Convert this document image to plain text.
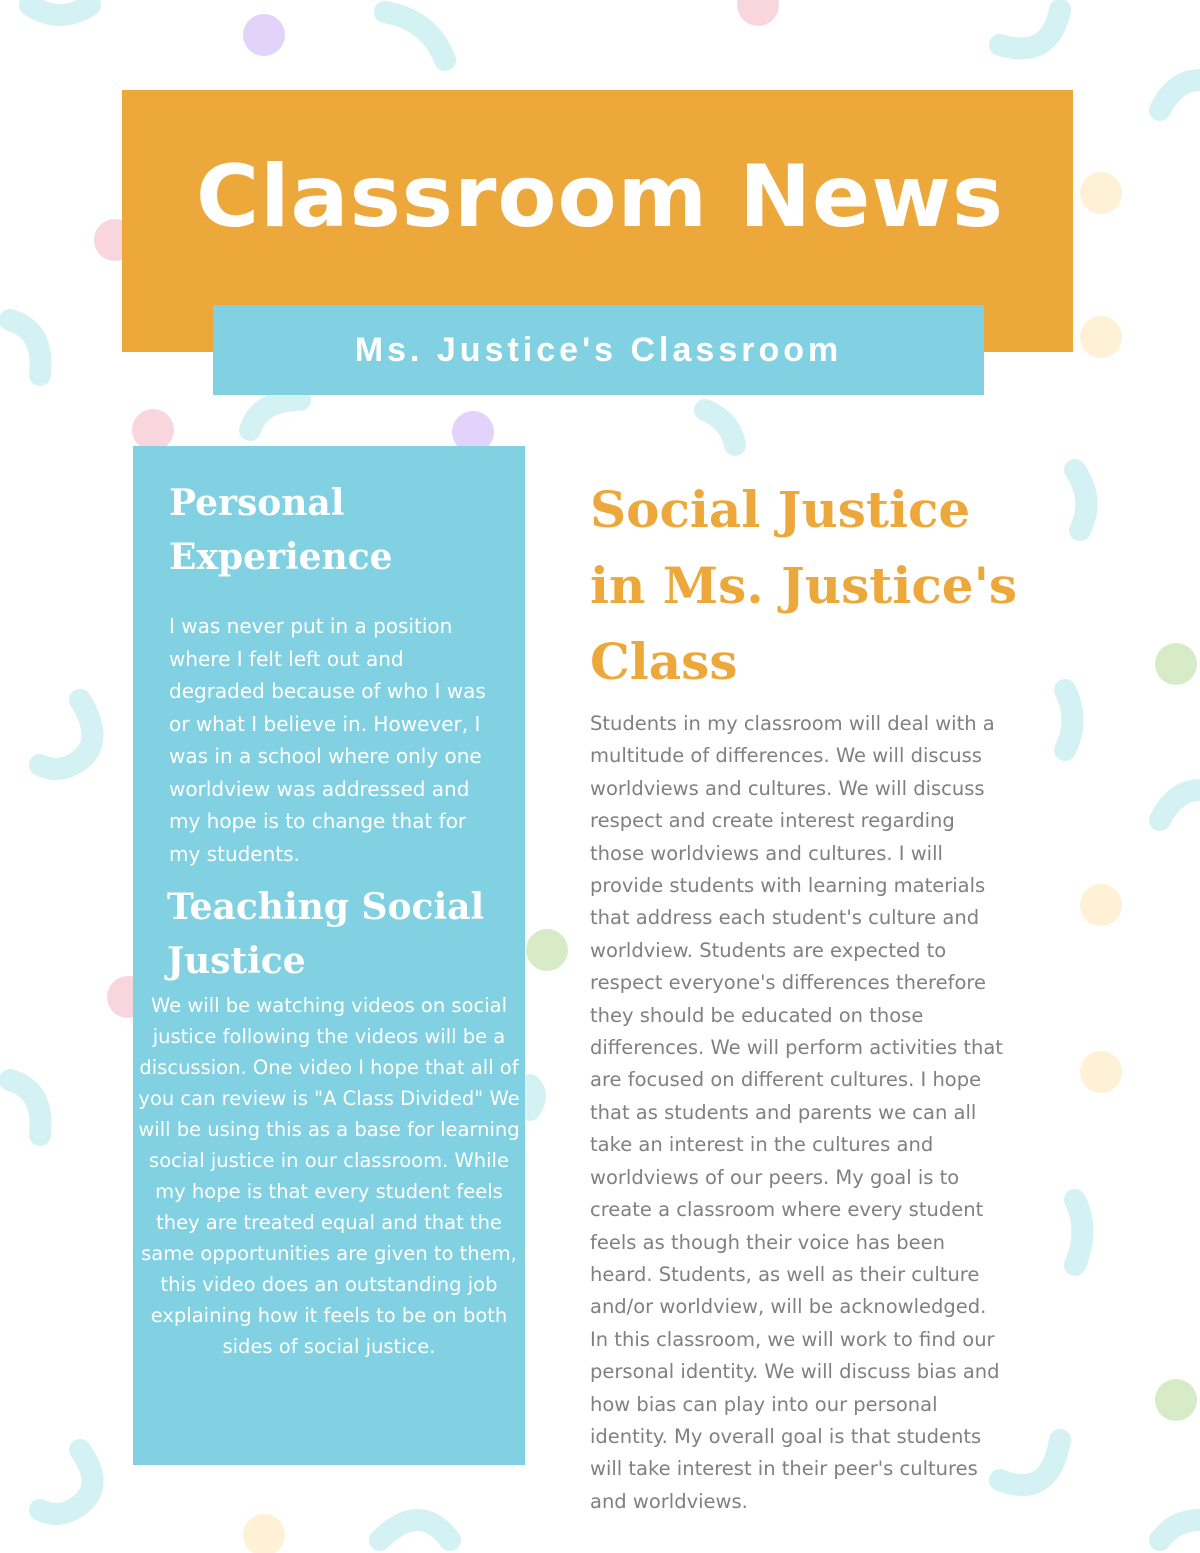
Classroom News
Ms. Justice's Classroom
Personal Experience

I was never put in a position where I felt left out and degraded because of who I was or what I believe in. However, I was in a school where only one worldview was addressed and my hope is to change that for my students.

Teaching Social Justice

We will be watching videos on social justice following the videos will be a discussion. One video I hope that all of you can review is "A Class Divided" We will be using this as a base for learning social justice in our classroom. While my hope is that every student feels they are treated equal and that the same opportunities are given to them, this video does an outstanding job explaining how it feels to be on both sides of social justice.

Social Justice in Ms. Justice's Class

Students in my classroom will deal with a multitude of differences. We will discuss worldviews and cultures. We will discuss respect and create interest regarding those worldviews and cultures. I will provide students with learning materials that address each student's culture and worldview. Students are expected to respect everyone's differences therefore they should be educated on those differences. We will perform activities that are focused on different cultures. I hope that as students and parents we can all take an interest in the cultures and worldviews of our peers. My goal is to create a classroom where every student feels as though their voice has been heard. Students, as well as their culture and/or worldview, will be acknowledged. In this classroom, we will work to find our personal identity. We will discuss bias and how bias can play into our personal identity. My overall goal is that students will take interest in their peer's cultures and worldviews.
